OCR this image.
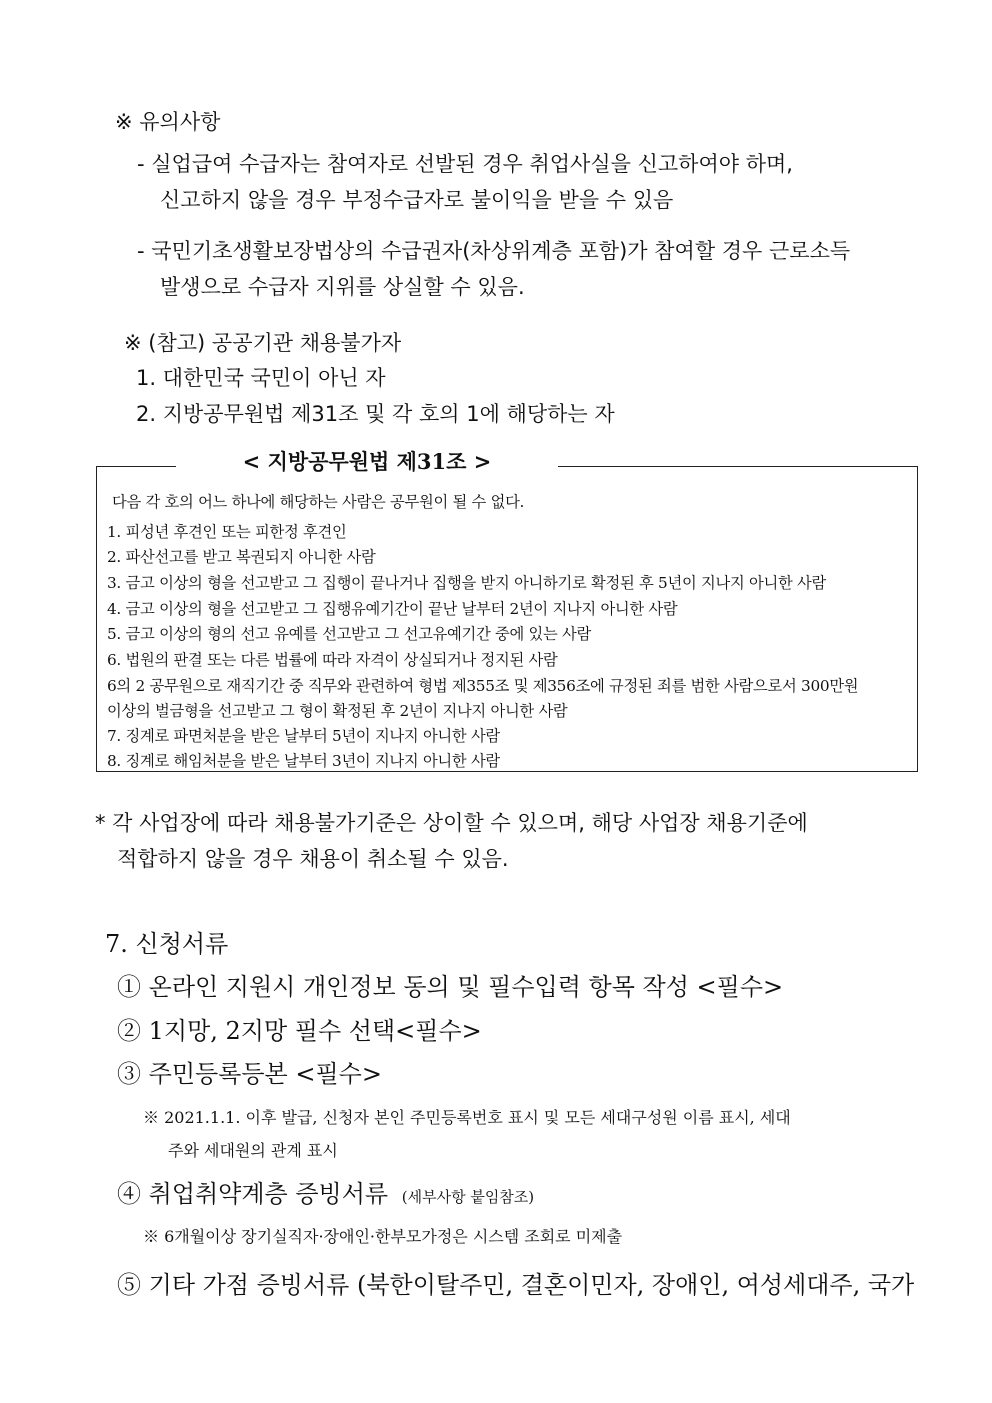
※ 유의사항
- 실업급여 수급자는 참여자로 선발된 경우 취업사실을 신고하여야 하며,
신고하지 않을 경우 부정수급자로 불이익을 받을 수 있음
- 국민기초생활보장법상의 수급권자(차상위계층 포함)가 참여할 경우 근로소득
발생으로 수급자 지위를 상실할 수 있음.
※ (참고) 공공기관 채용불가자
1. 대한민국 국민이 아닌 자
2. 지방공무원법 제31조 및 각 호의 1에 해당하는 자
< 지방공무원법 제31조 >
다음 각 호의 어느 하나에 해당하는 사람은 공무원이 될 수 없다.
1. 피성년 후견인 또는 피한정 후견인
2. 파산선고를 받고 복권되지 아니한 사람
3. 금고 이상의 형을 선고받고 그 집행이 끝나거나 집행을 받지 아니하기로 확정된 후 5년이 지나지 아니한 사람
4. 금고 이상의 형을 선고받고 그 집행유예기간이 끝난 날부터 2년이 지나지 아니한 사람
5. 금고 이상의 형의 선고 유예를 선고받고 그 선고유예기간 중에 있는 사람
6. 법원의 판결 또는 다른 법률에 따라 자격이 상실되거나 정지된 사람
6의 2 공무원으로 재직기간 중 직무와 관련하여 형법 제355조 및 제356조에 규정된 죄를 범한 사람으로서 300만원
이상의 벌금형을 선고받고 그 형이 확정된 후 2년이 지나지 아니한 사람
7. 징계로 파면처분을 받은 날부터 5년이 지나지 아니한 사람
8. 징계로 해임처분을 받은 날부터 3년이 지나지 아니한 사람
* 각 사업장에 따라 채용불가기준은 상이할 수 있으며, 해당 사업장 채용기준에
적합하지 않을 경우 채용이 취소될 수 있음.
7. 신청서류
① 온라인 지원시 개인정보 동의 및 필수입력 항목 작성 <필수>
② 1지망, 2지망 필수 선택<필수>
③ 주민등록등본 <필수>
※ 2021.1.1. 이후 발급, 신청자 본인 주민등록번호 표시 및 모든 세대구성원 이름 표시, 세대
주와 세대원의 관계 표시
④ 취업취약계층 증빙서류 (세부사항 붙임참조)
※ 6개월이상 장기실직자·장애인·한부모가정은 시스템 조회로 미제출
⑤ 기타 가점 증빙서류 (북한이탈주민, 결혼이민자, 장애인, 여성세대주, 국가
